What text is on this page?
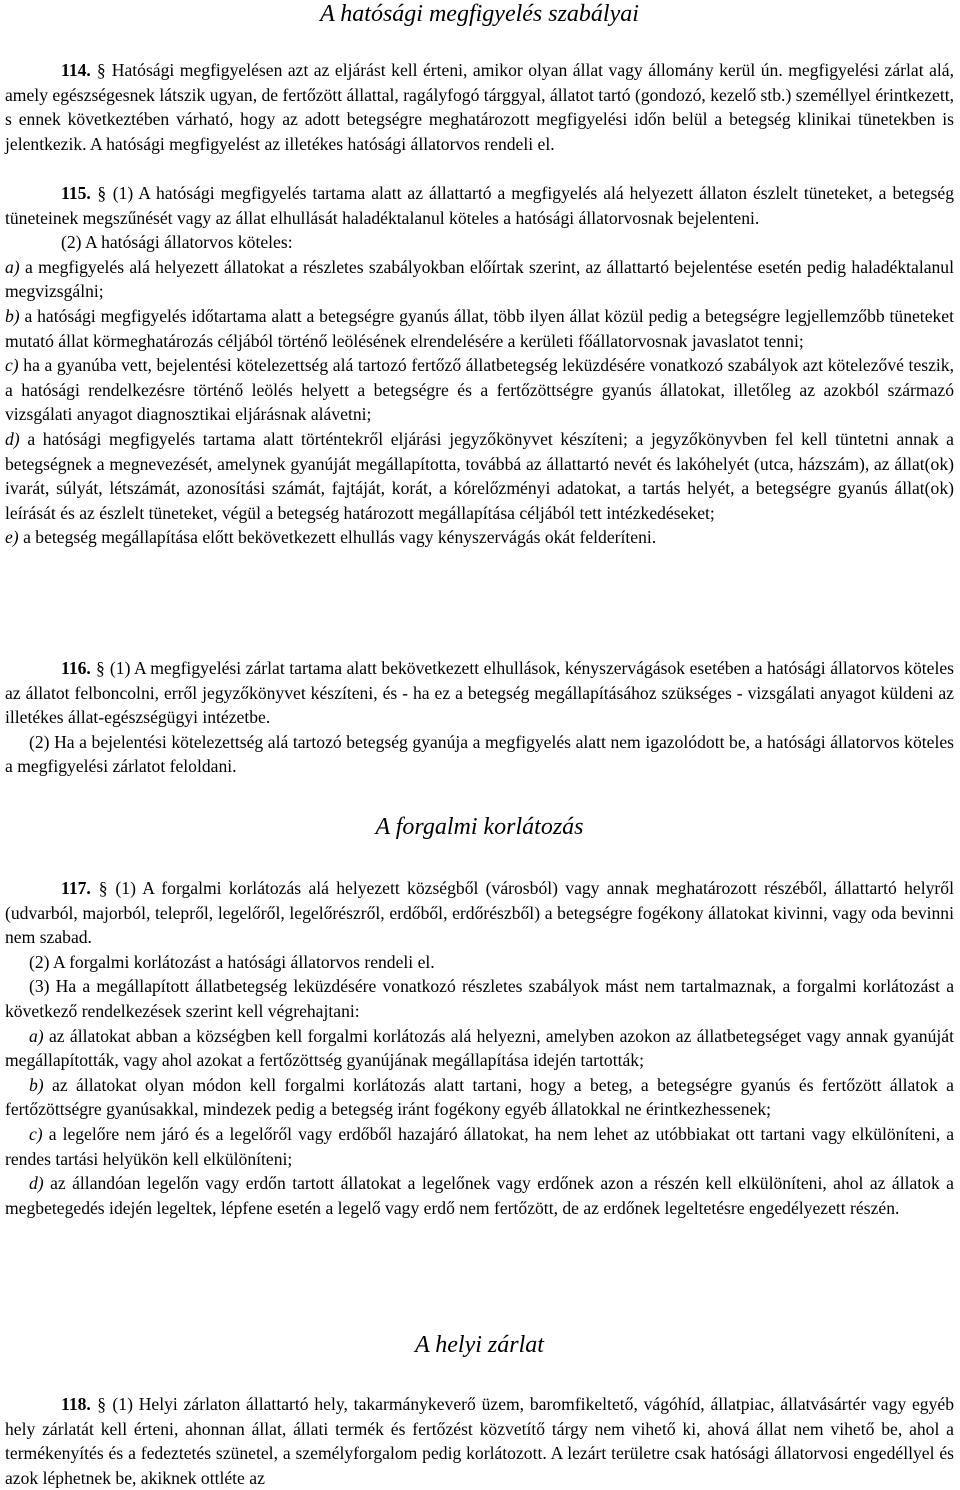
A hatósági megfigyelés szabályai

114. § Hatósági megfigyelésen azt az eljárást kell érteni, amikor olyan állat vagy állomány kerül ún. megfigyelési zárlat alá, amely egészségesnek látszik ugyan, de fertőzött állattal, ragályfogó tárggyal, állatot tartó (gondozó, kezelő stb.) személlyel érintkezett, s ennek következtében várható, hogy az adott betegségre meghatározott megfigyelési időn belül a betegség klinikai tünetekben is jelentkezik. A hatósági megfigyelést az illetékes hatósági állatorvos rendeli el.

115. § (1) A hatósági megfigyelés tartama alatt az állattartó a megfigyelés alá helyezett állaton észlelt tüneteket, a betegség tüneteinek megszűnését vagy az állat elhullását haladéktalanul köteles a hatósági állatorvosnak bejelenteni.

(2) A hatósági állatorvos köteles:

a) a megfigyelés alá helyezett állatokat a részletes szabályokban előírtak szerint, az állattartó bejelentése esetén pedig haladéktalanul megvizsgálni;

b) a hatósági megfigyelés időtartama alatt a betegségre gyanús állat, több ilyen állat közül pedig a betegségre legjellemzőbb tüneteket mutató állat körmeghatározás céljából történő leölésének elrendelésére a kerületi főállatorvosnak javaslatot tenni;

c) ha a gyanúba vett, bejelentési kötelezettség alá tartozó fertőző állatbetegség leküzdésére vonatkozó szabályok azt kötelezővé teszik, a hatósági rendelkezésre történő leölés helyett a betegségre és a fertőzöttségre gyanús állatokat, illetőleg az azokból származó vizsgálati anyagot diagnosztikai eljárásnak alávetni;

d) a hatósági megfigyelés tartama alatt történtekről eljárási jegyzőkönyvet készíteni; a jegyzőkönyvben fel kell tüntetni annak a betegségnek a megnevezését, amelynek gyanúját megállapította, továbbá az állattartó nevét és lakóhelyét (utca, házszám), az állat(ok) ivarát, súlyát, létszámát, azonosítási számát, fajtáját, korát, a kórelőzményi adatokat, a tartás helyét, a betegségre gyanús állat(ok) leírását és az észlelt tüneteket, végül a betegség határozott megállapítása céljából tett intézkedéseket;

e) a betegség megállapítása előtt bekövetkezett elhullás vagy kényszervágás okát felderíteni.

116. § (1) A megfigyelési zárlat tartama alatt bekövetkezett elhullások, kényszervágások esetében a hatósági állatorvos köteles az állatot felboncolni, erről jegyzőkönyvet készíteni, és - ha ez a betegség megállapításához szükséges - vizsgálati anyagot küldeni az illetékes állat-egészségügyi intézetbe.

(2) Ha a bejelentési kötelezettség alá tartozó betegség gyanúja a megfigyelés alatt nem igazolódott be, a hatósági állatorvos köteles a megfigyelési zárlatot feloldani.

A forgalmi korlátozás

117. § (1) A forgalmi korlátozás alá helyezett községből (városból) vagy annak meghatározott részéből, állattartó helyről (udvarból, majorból, telepről, legelőről, legelőrészről, erdőből, erdőrészből) a betegségre fogékony állatokat kivinni, vagy oda bevinni nem szabad.

(2) A forgalmi korlátozást a hatósági állatorvos rendeli el.

(3) Ha a megállapított állatbetegség leküzdésére vonatkozó részletes szabályok mást nem tartalmaznak, a forgalmi korlátozást a következő rendelkezések szerint kell végrehajtani:

a) az állatokat abban a községben kell forgalmi korlátozás alá helyezni, amelyben azokon az állatbetegséget vagy annak gyanúját megállapították, vagy ahol azokat a fertőzöttség gyanújának megállapítása idején tartották;

b) az állatokat olyan módon kell forgalmi korlátozás alatt tartani, hogy a beteg, a betegségre gyanús és fertőzött állatok a fertőzöttségre gyanúsakkal, mindezek pedig a betegség iránt fogékony egyéb állatokkal ne érintkezhessenek;

c) a legelőre nem járó és a legelőről vagy erdőből hazajáró állatokat, ha nem lehet az utóbbiakat ott tartani vagy elkülöníteni, a rendes tartási helyükön kell elkülöníteni;

d) az állandóan legelőn vagy erdőn tartott állatokat a legelőnek vagy erdőnek azon a részén kell elkülöníteni, ahol az állatok a megbetegedés idején legeltek, lépfene esetén a legelő vagy erdő nem fertőzött, de az erdőnek legeltetésre engedélyezett részén.

A helyi zárlat

118. § (1) Helyi zárlaton állattartó hely, takarmánykeverő üzem, baromfikeltető, vágóhíd, állatpiac, állatvásártér vagy egyéb hely zárlatát kell érteni, ahonnan állat, állati termék és fertőzést közvetítő tárgy nem vihető ki, ahová állat nem vihető be, ahol a termékenyítés és a fedeztetés szünetel, a személyforgalom pedig korlátozott. A lezárt területre csak hatósági állatorvosi engedéllyel és azok léphetnek be, akiknek ottléte az
